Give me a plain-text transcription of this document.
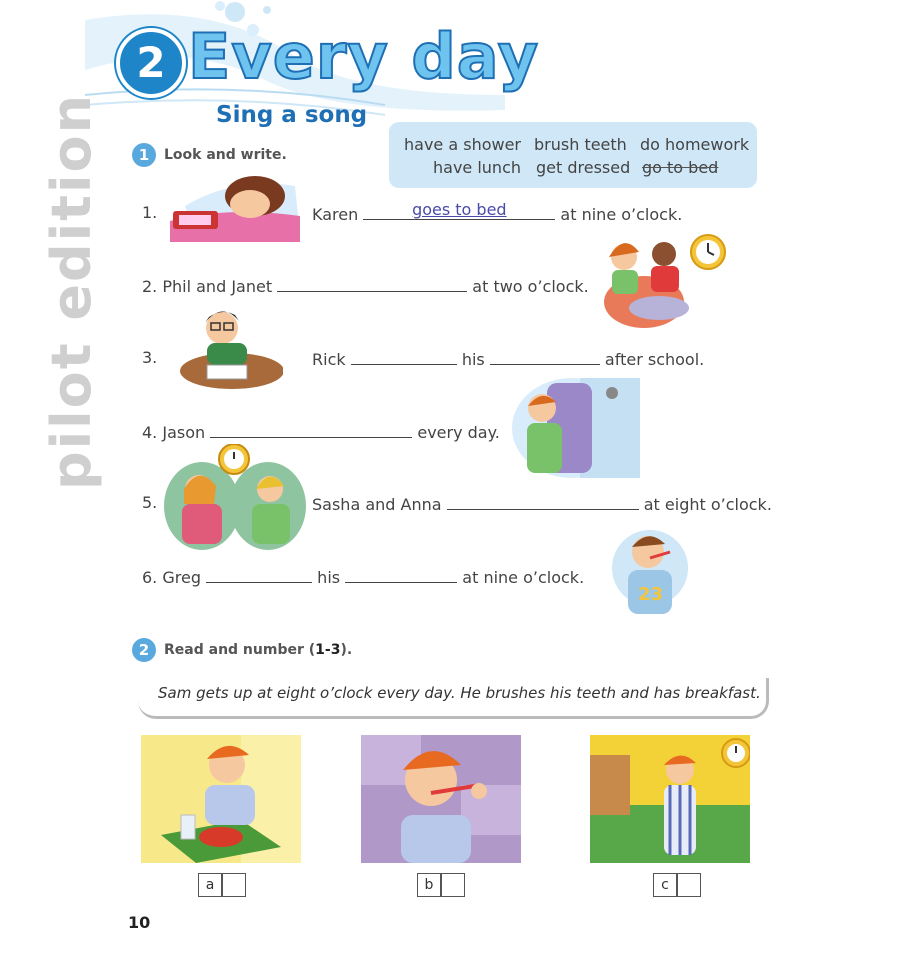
2 Every day
Sing a song
1	Look and write.
have a shower brush teeth do homework
have lunch get dressed go to bed
pilot edition 1.	Karen	goes to bed	at nine o’clock.
2. Phil and Janet	at two o’clock.
3.	Rick	his	after school.
4. Jason	every day.
5.	Sasha and Anna	at eight o’clock.
6. Greg	his	at nine o’clock.
23
2	Read and number (1-3).
Sam gets up at eight o’clock every day. He brushes his teeth and has breakfast.
a	b	c
10
